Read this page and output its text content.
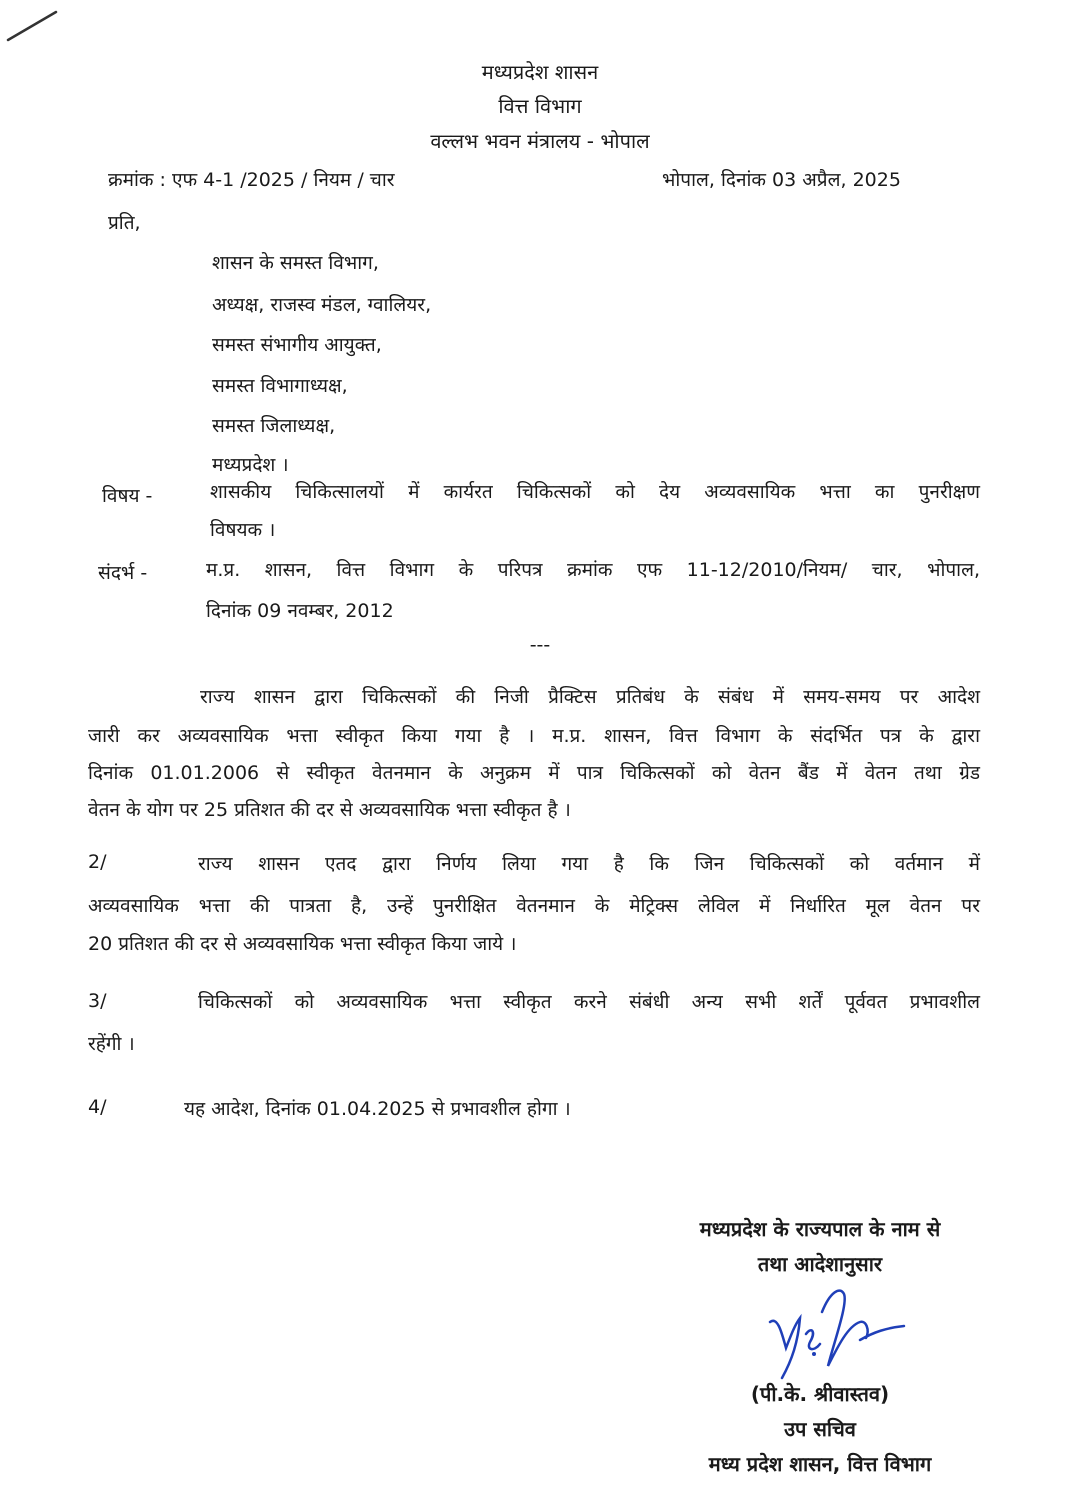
मध्यप्रदेश शासन
वित्त विभाग
वल्लभ भवन मंत्रालय - भोपाल
क्रमांक : एफ 4-1 /2025 / नियम / चार	भोपाल, दिनांक 03 अप्रैल, 2025
प्रति,
शासन के समस्त विभाग,
अध्यक्ष, राजस्व मंडल, ग्वालियर,
समस्त संभागीय आयुक्त,
समस्त विभागाध्यक्ष,
समस्त जिलाध्यक्ष,
मध्यप्रदेश ।
विषय -	शासकीय चिकित्सालयों में कार्यरत चिकित्सकों को देय अव्यवसायिक भत्ता का पुनरीक्षण
विषयक ।
संदर्भ -	म.प्र. शासन, वित्त विभाग के परिपत्र क्रमांक एफ 11-12/2010/नियम/ चार, भोपाल,
दिनांक 09 नवम्बर, 2012
---
राज्य शासन द्वारा चिकित्सकों की निजी प्रैक्टिस प्रतिबंध के संबंध में समय-समय पर आदेश
जारी कर अव्यवसायिक भत्ता स्वीकृत किया गया है । म.प्र. शासन, वित्त विभाग के संदर्भित पत्र के द्वारा
दिनांक 01.01.2006 से स्वीकृत वेतनमान के अनुक्रम में पात्र चिकित्सकों को वेतन बैंड में वेतन तथा ग्रेड
वेतन के योग पर 25 प्रतिशत की दर से अव्यवसायिक भत्ता स्वीकृत है ।
2/	राज्य शासन एतद द्वारा निर्णय लिया गया है कि जिन चिकित्सकों को वर्तमान में
अव्यवसायिक भत्ता की पात्रता है, उन्हें पुनरीक्षित वेतनमान के मेट्रिक्स लेविल में निर्धारित मूल वेतन पर
20 प्रतिशत की दर से अव्यवसायिक भत्ता स्वीकृत किया जाये ।
3/	चिकित्सकों को अव्यवसायिक भत्ता स्वीकृत करने संबंधी अन्य सभी शर्तें पूर्ववत प्रभावशील
रहेंगी ।
4/	यह आदेश, दिनांक 01.04.2025 से प्रभावशील होगा ।
मध्यप्रदेश के राज्यपाल के नाम से
तथा आदेशानुसार
(पी.के. श्रीवास्तव)
उप सचिव
मध्य प्रदेश शासन, वित्त विभाग
